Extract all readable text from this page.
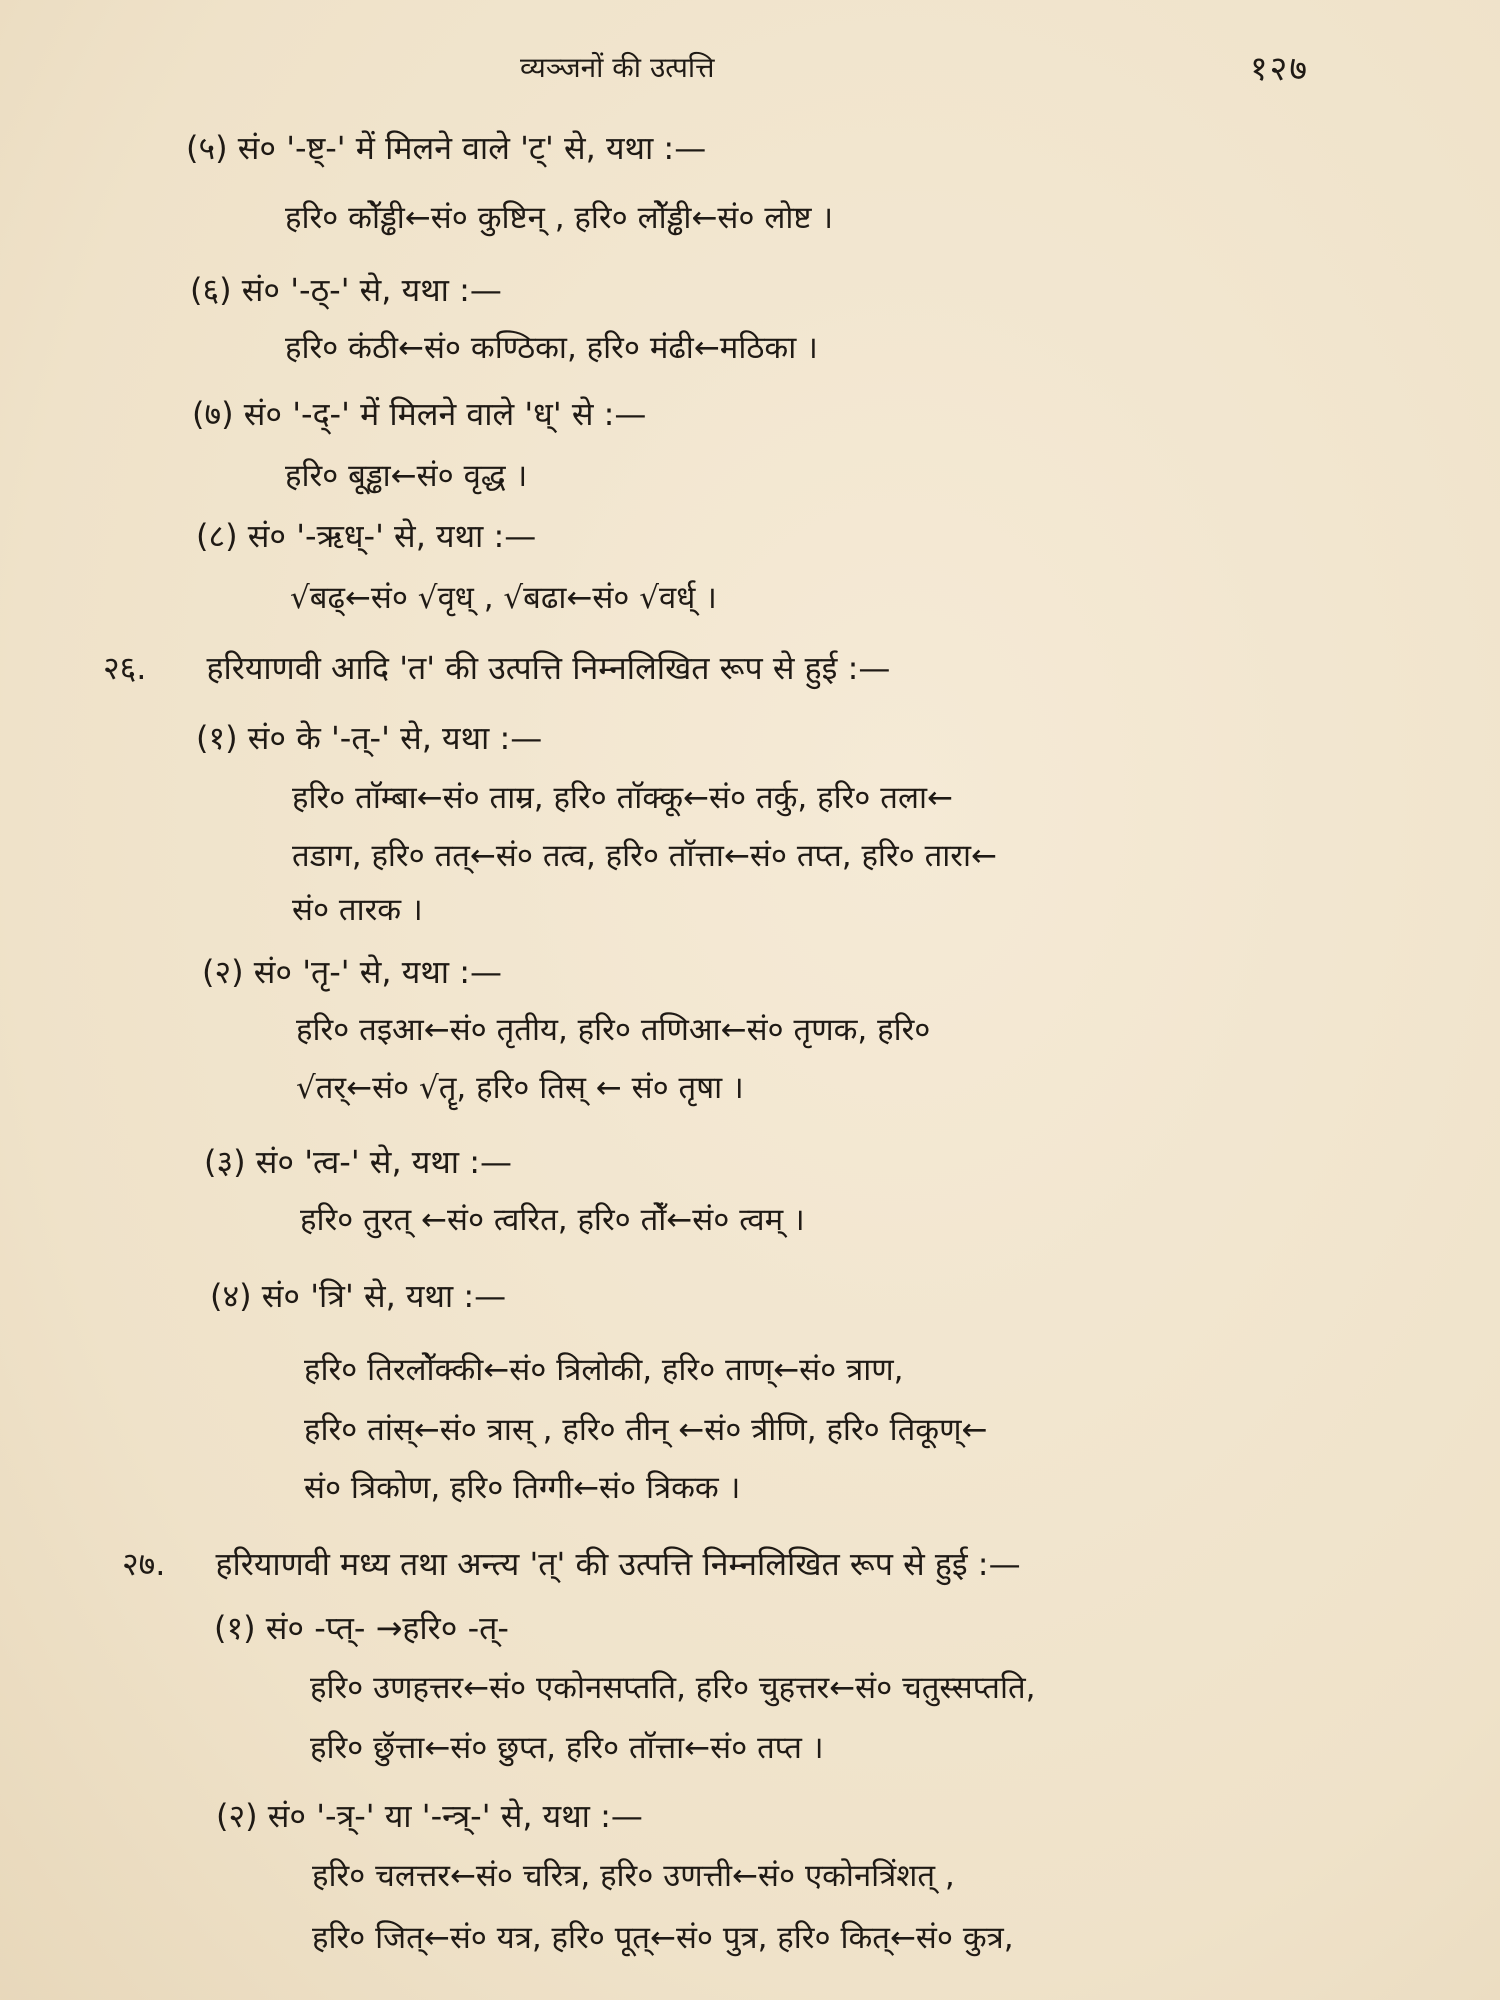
व्यञ्जनों की उत्पत्ति	१२७
(५) सं० '-ष्ट्-' में मिलने वाले 'ट्' से, यथा :—
हरि० कोॅड्ढी←सं० कुष्टिन् , हरि० लोॅड्ढी←सं० लोष्ट ।
(६) सं० '-ठ्-' से, यथा :—
हरि० कंठी←सं० कण्ठिका, हरि० मंढी←मठिका ।
(७) सं० '-द्-' में मिलने वाले 'ध्' से :—
हरि० बूड्ढा←सं० वृद्ध ।
(८) सं० '-ऋध्-' से, यथा :—
√बढ्←सं० √वृध् , √बढा←सं० √वर्ध् ।
२६. हरियाणवी आदि 'त' की उत्पत्ति निम्नलिखित रूप से हुई :—
(१) सं० के '-त्-' से, यथा :—
हरि० ताॅम्बा←सं० ताम्र, हरि० ताॅक्कू←सं० तर्कु, हरि० तला←
तडाग, हरि० तत्←सं० तत्व, हरि० ताॅत्ता←सं० तप्त, हरि० तारा←
सं० तारक ।
(२) सं० 'तृ-' से, यथा :—
हरि० तइआ←सं० तृतीय, हरि० तणिआ←सं० तृणक, हरि०
√तर्←सं० √तॄ, हरि० तिस् ← सं० तृषा ।
(३) सं० 'त्व-' से, यथा :—
हरि० तुरत् ←सं० त्वरित, हरि० तोॅं←सं० त्वम् ।
(४) सं० 'त्रि' से, यथा :—
हरि० तिरलोॅक्की←सं० त्रिलोकी, हरि० ताण्←सं० त्राण,
हरि० तांस्←सं० त्रास् , हरि० तीन् ←सं० त्रीणि, हरि० तिकूण्←
सं० त्रिकोण, हरि० तिग्गी←सं० त्रिकक ।
२७. हरियाणवी मध्य तथा अन्त्य 'त्' की उत्पत्ति निम्नलिखित रूप से हुई :—
(१) सं० -प्त्- →हरि० -त्-
हरि० उणहत्तर←सं० एकोनसप्तति, हरि० चुहत्तर←सं० चतुस्सप्तति,
हरि० छुॅत्ता←सं० छुप्त, हरि० ताॅत्ता←सं० तप्त ।
(२) सं० '-त्र्-' या '-न्त्र्-' से, यथा :—
हरि० चलत्तर←सं० चरित्र, हरि० उणत्ती←सं० एकोनत्रिंशत् ,
हरि० जित्←सं० यत्र, हरि० पूत्←सं० पुत्र, हरि० कित्←सं० कुत्र,
